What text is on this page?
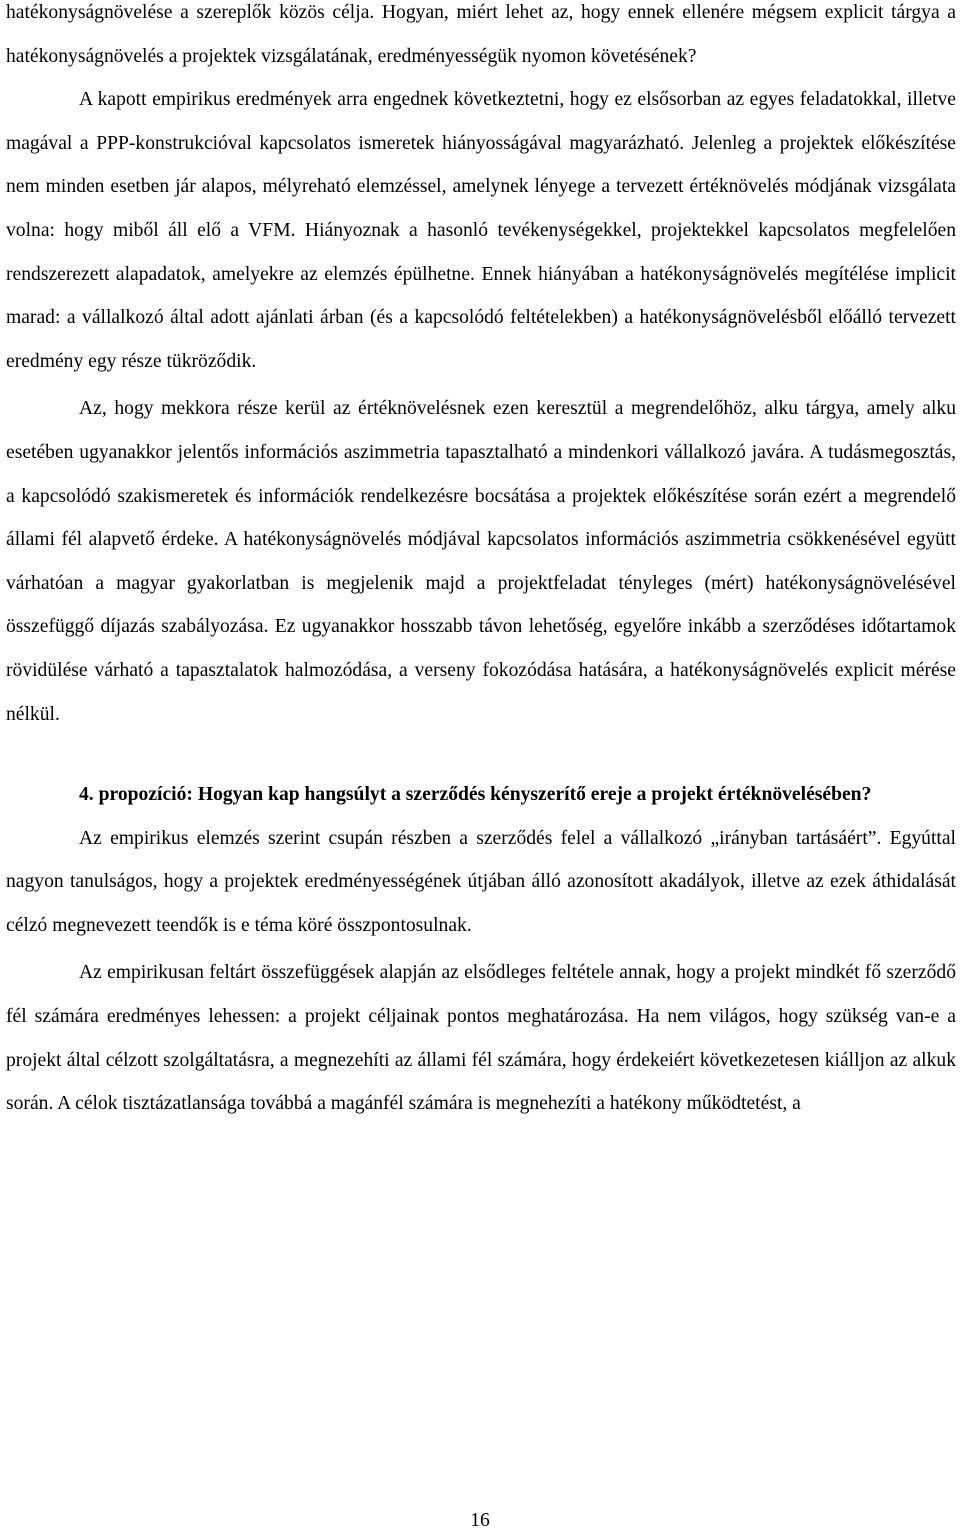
hatékonyságnövelése a szereplők közös célja. Hogyan, miért lehet az, hogy ennek ellenére mégsem explicit tárgya a hatékonyságnövelés a projektek vizsgálatának, eredményességük nyomon követésének?

A kapott empirikus eredmények arra engednek következtetni, hogy ez elsősorban az egyes feladatokkal, illetve magával a PPP-konstrukcióval kapcsolatos ismeretek hiányosságával magyarázható. Jelenleg a projektek előkészítése nem minden esetben jár alapos, mélyreható elemzéssel, amelynek lényege a tervezett értéknövelés módjának vizsgálata volna: hogy miből áll elő a VFM. Hiányoznak a hasonló tevékenységekkel, projektekkel kapcsolatos megfelelően rendszerezett alapadatok, amelyekre az elemzés épülhetne. Ennek hiányában a hatékonyságnövelés megítélése implicit marad: a vállalkozó által adott ajánlati árban (és a kapcsolódó feltételekben) a hatékonyságnövelésből előálló tervezett eredmény egy része tükröződik.

Az, hogy mekkora része kerül az értéknövelésnek ezen keresztül a megrendelőhöz, alku tárgya, amely alku esetében ugyanakkor jelentős információs aszimmetria tapasztalható a mindenkori vállalkozó javára. A tudásmegosztás, a kapcsolódó szakismeretek és információk rendelkezésre bocsátása a projektek előkészítése során ezért a megrendelő állami fél alapvető érdeke. A hatékonyságnövelés módjával kapcsolatos információs aszimmetria csökkenésével együtt várhatóan a magyar gyakorlatban is megjelenik majd a projektfeladat tényleges (mért) hatékonyságnövelésével összefüggő díjazás szabályozása. Ez ugyanakkor hosszabb távon lehetőség, egyelőre inkább a szerződéses időtartamok rövidülése várható a tapasztalatok halmozódása, a verseny fokozódása hatására, a hatékonyságnövelés explicit mérése nélkül.

4. propozíció: Hogyan kap hangsúlyt a szerződés kényszerítő ereje a projekt értéknövelésében?

Az empirikus elemzés szerint csupán részben a szerződés felel a vállalkozó „irányban tartásáért”. Egyúttal nagyon tanulságos, hogy a projektek eredményességének útjában álló azonosított akadályok, illetve az ezek áthidalását célzó megnevezett teendők is e téma köré összpontosulnak.

Az empirikusan feltárt összefüggések alapján az elsődleges feltétele annak, hogy a projekt mindkét fő szerződő fél számára eredményes lehessen: a projekt céljainak pontos meghatározása. Ha nem világos, hogy szükség van-e a projekt által célzott szolgáltatásra, a megnezehíti az állami fél számára, hogy érdekeiért következetesen kiálljon az alkuk során. A célok tisztázatlansága továbbá a magánfél számára is megnehezíti a hatékony működtetést, a

16
